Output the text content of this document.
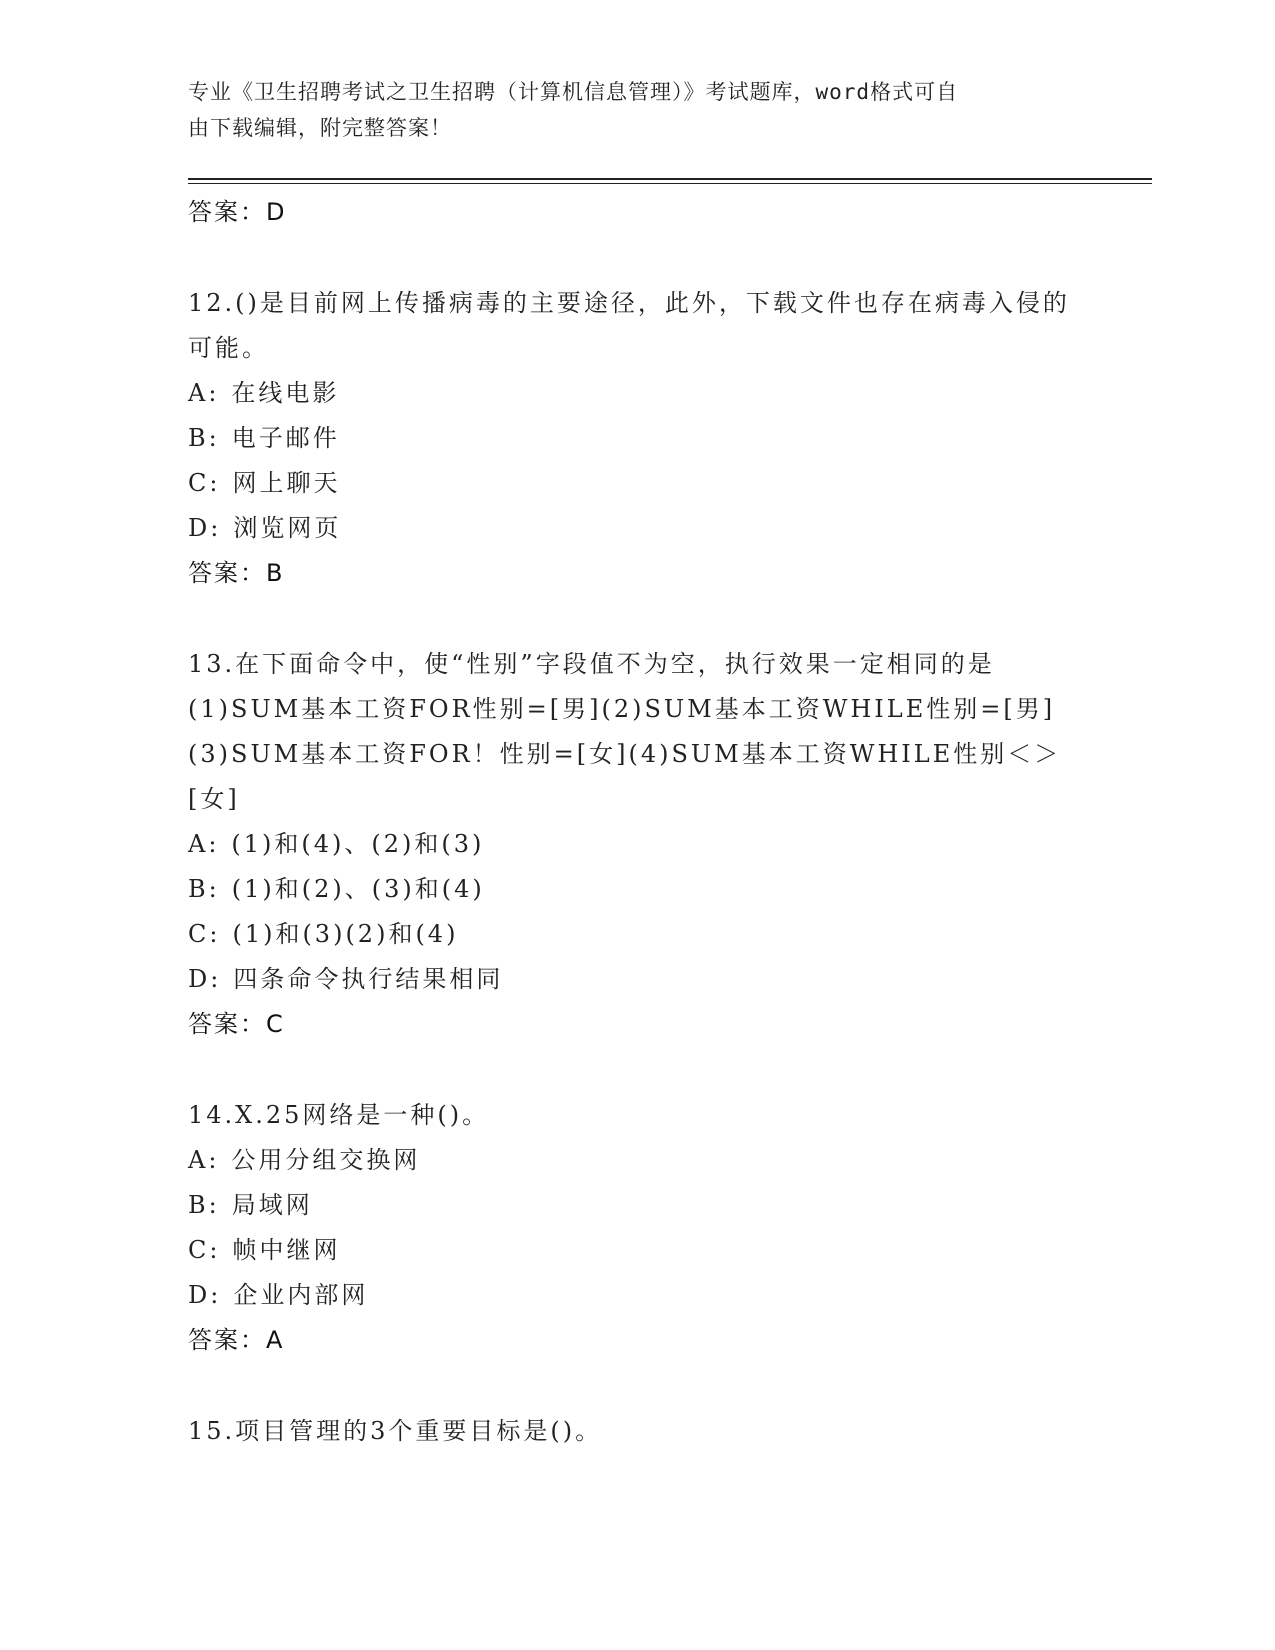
专业《卫生招聘考试之卫生招聘（计算机信息管理）》考试题库，word格式可自
由下载编辑，附完整答案！
答案：D
12.()是目前网上传播病毒的主要途径，此外，下载文件也存在病毒入侵的可能。
A: 在线电影
B: 电子邮件
C: 网上聊天
D: 浏览网页
答案：B
13.在下面命令中，使“性别”字段值不为空，执行效果一定相同的是(1)SUM基本工资FOR性别=[男](2)SUM基本工资WHILE性别=[男](3)SUM基本工资FOR！性别=[女](4)SUM基本工资WHILE性别＜＞[女]
A: (1)和(4)、(2)和(3)
B: (1)和(2)、(3)和(4)
C: (1)和(3)(2)和(4)
D: 四条命令执行结果相同
答案：C
14.X.25网络是一种()。
A: 公用分组交换网
B: 局域网
C: 帧中继网
D: 企业内部网
答案：A
15.项目管理的3个重要目标是()。
